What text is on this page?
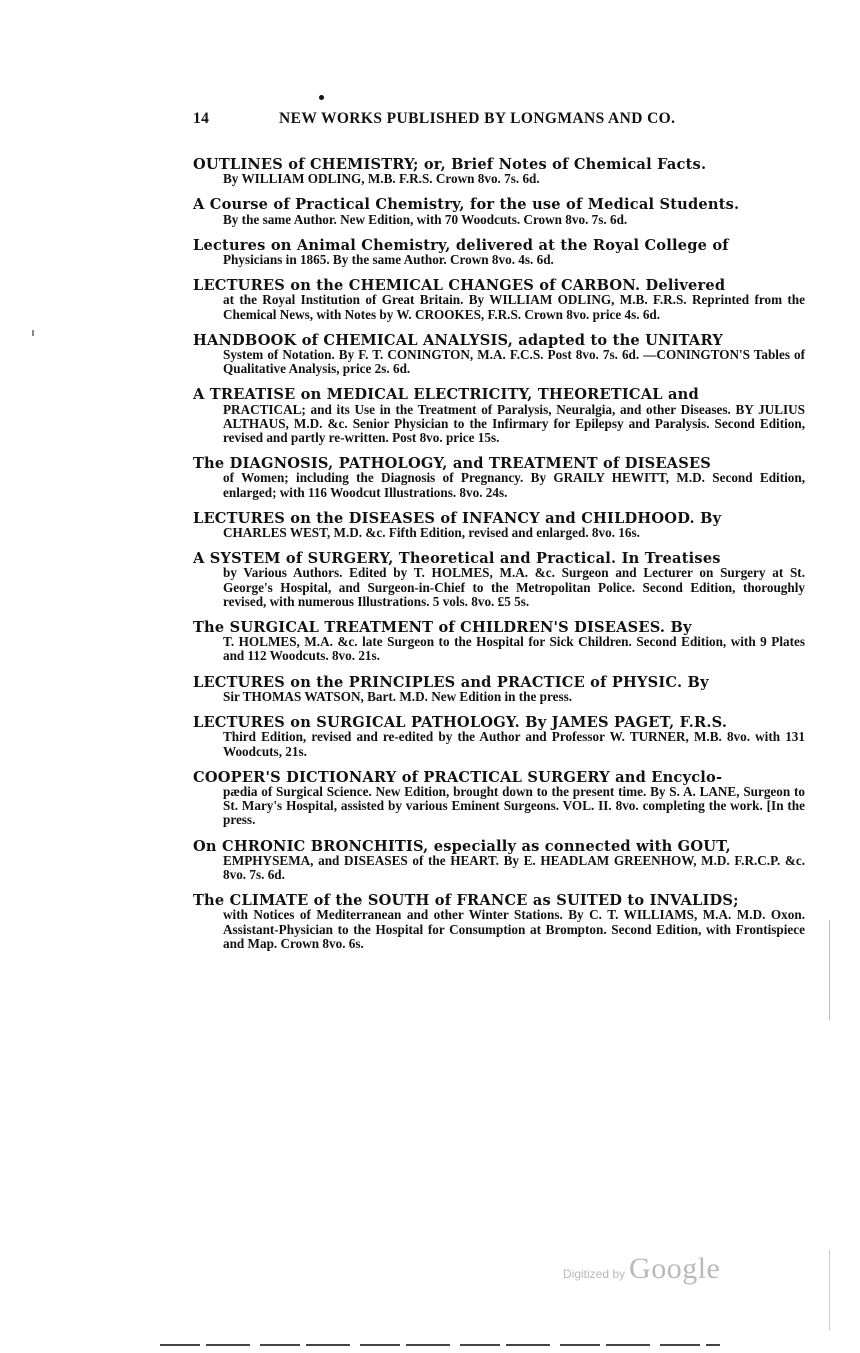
14	NEW WORKS PUBLISHED BY LONGMANS AND CO.
OUTLINES of CHEMISTRY; or, Brief Notes of Chemical Facts.
By WILLIAM ODLING, M.B. F.R.S. Crown 8vo. 7s. 6d.
A Course of Practical Chemistry, for the use of Medical Students.
By the same Author. New Edition, with 70 Woodcuts. Crown 8vo. 7s. 6d.
Lectures on Animal Chemistry, delivered at the Royal College of
Physicians in 1865. By the same Author. Crown 8vo. 4s. 6d.
LECTURES on the CHEMICAL CHANGES of CARBON. Delivered
at the Royal Institution of Great Britain. By WILLIAM ODLING, M.B. F.R.S. Reprinted from the Chemical News, with Notes by W. CROOKES, F.R.S. Crown 8vo. price 4s. 6d.
HANDBOOK of CHEMICAL ANALYSIS, adapted to the UNITARY
System of Notation. By F. T. CONINGTON, M.A. F.C.S. Post 8vo. 7s. 6d. —CONINGTON'S Tables of Qualitative Analysis, price 2s. 6d.
A TREATISE on MEDICAL ELECTRICITY, THEORETICAL and
PRACTICAL; and its Use in the Treatment of Paralysis, Neuralgia, and other Diseases. BY JULIUS ALTHAUS, M.D. &c. Senior Physician to the Infirmary for Epilepsy and Paralysis. Second Edition, revised and partly re-written. Post 8vo. price 15s.
The DIAGNOSIS, PATHOLOGY, and TREATMENT of DISEASES
of Women; including the Diagnosis of Pregnancy. By GRAILY HEWITT, M.D. Second Edition, enlarged; with 116 Woodcut Illustrations. 8vo. 24s.
LECTURES on the DISEASES of INFANCY and CHILDHOOD. By
CHARLES WEST, M.D. &c. Fifth Edition, revised and enlarged. 8vo. 16s.
A SYSTEM of SURGERY, Theoretical and Practical. In Treatises
by Various Authors. Edited by T. HOLMES, M.A. &c. Surgeon and Lecturer on Surgery at St. George's Hospital, and Surgeon-in-Chief to the Metropolitan Police. Second Edition, thoroughly revised, with numerous Illustrations. 5 vols. 8vo. £5 5s.
The SURGICAL TREATMENT of CHILDREN'S DISEASES. By
T. HOLMES, M.A. &c. late Surgeon to the Hospital for Sick Children. Second Edition, with 9 Plates and 112 Woodcuts. 8vo. 21s.
LECTURES on the PRINCIPLES and PRACTICE of PHYSIC. By
Sir THOMAS WATSON, Bart. M.D. New Edition in the press.
LECTURES on SURGICAL PATHOLOGY. By JAMES PAGET, F.R.S.
Third Edition, revised and re-edited by the Author and Professor W. TURNER, M.B. 8vo. with 131 Woodcuts, 21s.
COOPER'S DICTIONARY of PRACTICAL SURGERY and Encyclo-
pædia of Surgical Science. New Edition, brought down to the present time. By S. A. LANE, Surgeon to St. Mary's Hospital, assisted by various Eminent Surgeons. VOL. II. 8vo. completing the work. [In the press.
On CHRONIC BRONCHITIS, especially as connected with GOUT,
EMPHYSEMA, and DISEASES of the HEART. By E. HEADLAM GREENHOW, M.D. F.R.C.P. &c. 8vo. 7s. 6d.
The CLIMATE of the SOUTH of FRANCE as SUITED to INVALIDS;
with Notices of Mediterranean and other Winter Stations. By C. T. WILLIAMS, M.A. M.D. Oxon. Assistant-Physician to the Hospital for Consumption at Brompton. Second Edition, with Frontispiece and Map. Crown 8vo. 6s.
Digitized by Google
